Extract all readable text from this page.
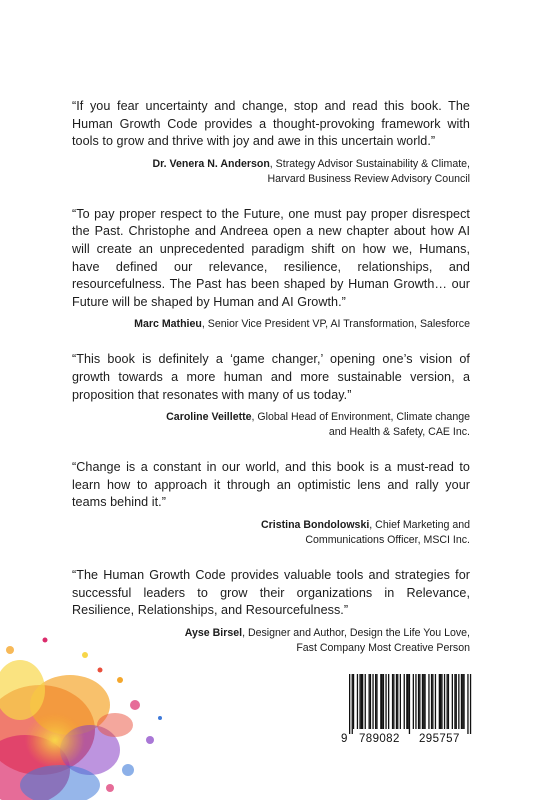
“If you fear uncertainty and change, stop and read this book. The Human Growth Code provides a thought-provoking framework with tools to grow and thrive with joy and awe in this uncertain world.”

Dr. Venera N. Anderson, Strategy Advisor Sustainability & Climate,
Harvard Business Review Advisory Council

“To pay proper respect to the Future, one must pay proper disrespect the Past. Christophe and Andreea open a new chapter about how AI will create an unprecedented paradigm shift on how we, Humans, have defined our relevance, resilience, relationships, and resourcefulness. The Past has been shaped by Human Growth… our Future will be shaped by Human and AI Growth.”

Marc Mathieu, Senior Vice President VP, AI Transformation, Salesforce

“This book is definitely a ‘game changer,’ opening one’s vision of growth towards a more human and more sustainable version, a proposition that resonates with many of us today.”

Caroline Veillette, Global Head of Environment, Climate change
and Health & Safety, CAE Inc.

“Change is a constant in our world, and this book is a must-read to learn how to approach it through an optimistic lens and rally your teams behind it.”

Cristina Bondolowski, Chief Marketing and
Communications Officer, MSCI Inc.

“The Human Growth Code provides valuable tools and strategies for successful leaders to grow their organizations in Relevance, Resilience, Relationships, and Resourcefulness.”

Ayse Birsel, Designer and Author, Design the Life You Love,
Fast Company Most Creative Person

9 789082 295757
